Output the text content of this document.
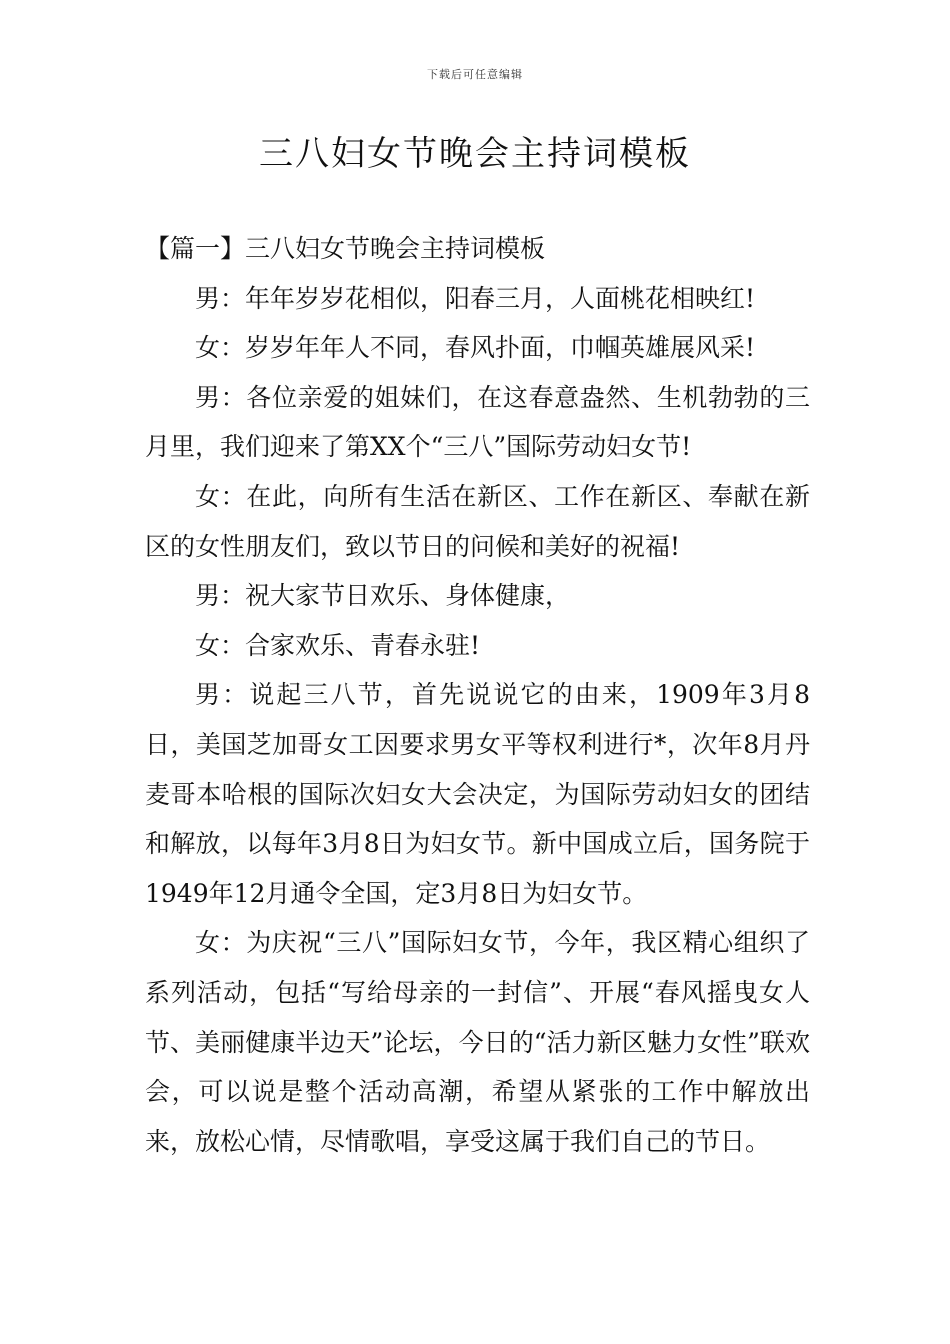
下载后可任意编辑
三八妇女节晚会主持词模板

【篇一】三八妇女节晚会主持词模板

男：年年岁岁花相似，阳春三月，人面桃花相映红!

女：岁岁年年人不同，春风扑面，巾帼英雄展风采!

男：各位亲爱的姐妹们，在这春意盎然、生机勃勃的三月里，我们迎来了第XX个“三八”国际劳动妇女节!

女：在此，向所有生活在新区、工作在新区、奉献在新区的女性朋友们，致以节日的问候和美好的祝福!

男：祝大家节日欢乐、身体健康，

女：合家欢乐、青春永驻!

男：说起三八节，首先说说它的由来，1909年3月8日，美国芝加哥女工因要求男女平等权利进行*，次年8月丹麦哥本哈根的国际次妇女大会决定，为国际劳动妇女的团结和解放，以每年3月8日为妇女节。新中国成立后，国务院于1949年12月通令全国，定3月8日为妇女节。

女：为庆祝“三八”国际妇女节，今年，我区精心组织了系列活动，包括“写给母亲的一封信”、开展“春风摇曳女人节、美丽健康半边天”论坛，今日的“活力新区魅力女性”联欢会，可以说是整个活动高潮，希望从紧张的工作中解放出来，放松心情，尽情歌唱，享受这属于我们自己的节日。
